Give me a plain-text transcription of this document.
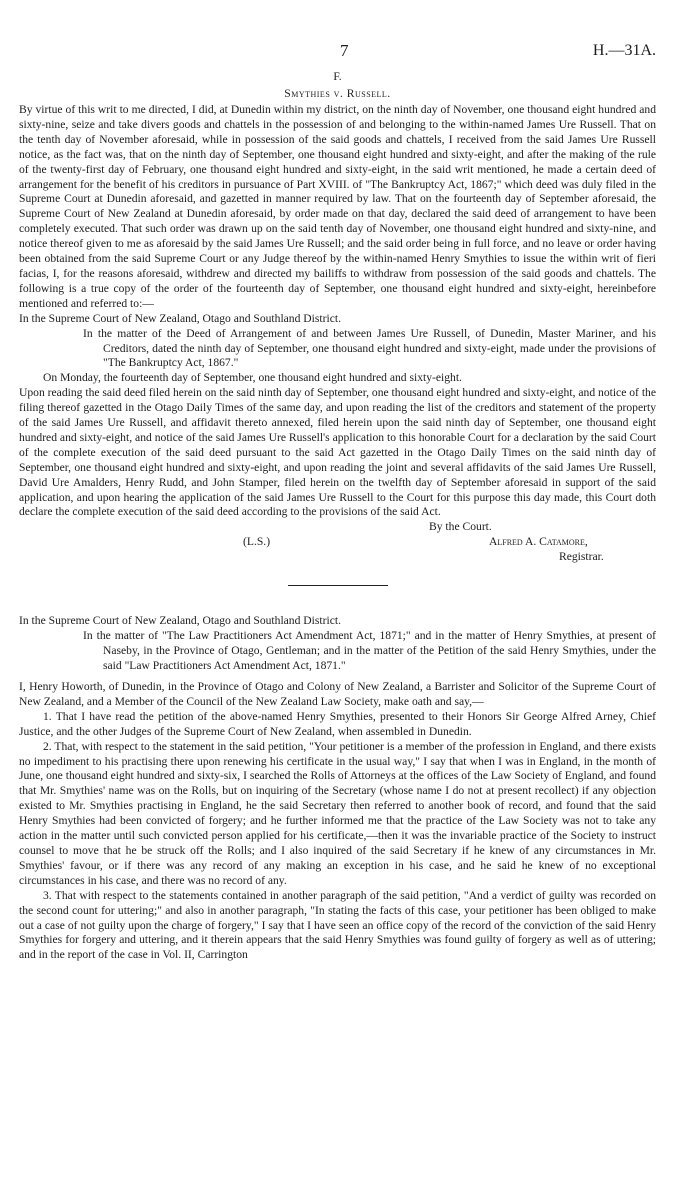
7	H.—31A.
F.
Smythies v. Russell.

By virtue of this writ to me directed, I did, at Dunedin within my district, on the ninth day of November, one thousand eight hundred and sixty-nine, seize and take divers goods and chattels in the possession of and belonging to the within-named James Ure Russell. That on the tenth day of November aforesaid, while in possession of the said goods and chattels, I received from the said James Ure Russell notice, as the fact was, that on the ninth day of September, one thousand eight hundred and sixty-eight, and after the making of the rule of the twenty-first day of February, one thousand eight hundred and sixty-eight, in the said writ mentioned, he made a certain deed of arrangement for the benefit of his creditors in pursuance of Part XVIII. of "The Bankruptcy Act, 1867;" which deed was duly filed in the Supreme Court at Dunedin aforesaid, and gazetted in manner required by law. That on the fourteenth day of September aforesaid, the Supreme Court of New Zealand at Dunedin aforesaid, by order made on that day, declared the said deed of arrangement to have been completely executed. That such order was drawn up on the said tenth day of November, one thousand eight hundred and sixty-nine, and notice thereof given to me as aforesaid by the said James Ure Russell; and the said order being in full force, and no leave or order having been obtained from the said Supreme Court or any Judge thereof by the within-named Henry Smythies to issue the within writ of fieri facias, I, for the reasons aforesaid, withdrew and directed my bailiffs to withdraw from possession of the said goods and chattels. The following is a true copy of the order of the fourteenth day of September, one thousand eight hundred and sixty-eight, hereinbefore mentioned and referred to:—

In the Supreme Court of New Zealand, Otago and Southland District.

In the matter of the Deed of Arrangement of and between James Ure Russell, of Dunedin, Master Mariner, and his Creditors, dated the ninth day of September, one thousand eight hundred and sixty-eight, made under the provisions of "The Bankruptcy Act, 1867."

On Monday, the fourteenth day of September, one thousand eight hundred and sixty-eight.

Upon reading the said deed filed herein on the said ninth day of September, one thousand eight hundred and sixty-eight, and notice of the filing thereof gazetted in the Otago Daily Times of the same day, and upon reading the list of the creditors and statement of the property of the said James Ure Russell, and affidavit thereto annexed, filed herein upon the said ninth day of September, one thousand eight hundred and sixty-eight, and notice of the said James Ure Russell's application to this honorable Court for a declaration by the said Court of the complete execution of the said deed pursuant to the said Act gazetted in the Otago Daily Times on the said ninth day of September, one thousand eight hundred and sixty-eight, and upon reading the joint and several affidavits of the said James Ure Russell, David Ure Amalders, Henry Rudd, and John Stamper, filed herein on the twelfth day of September aforesaid in support of the said application, and upon hearing the application of the said James Ure Russell to the Court for this purpose this day made, this Court doth declare the complete execution of the said deed according to the provisions of the said Act.

By the Court.
(L.S.)	Alfred A. Catamore,
Registrar.

In the Supreme Court of New Zealand, Otago and Southland District.

In the matter of "The Law Practitioners Act Amendment Act, 1871;" and in the matter of Henry Smythies, at present of Naseby, in the Province of Otago, Gentleman; and in the matter of the Petition of the said Henry Smythies, under the said "Law Practitioners Act Amendment Act, 1871."

I, Henry Howorth, of Dunedin, in the Province of Otago and Colony of New Zealand, a Barrister and Solicitor of the Supreme Court of New Zealand, and a Member of the Council of the New Zealand Law Society, make oath and say,—

1. That I have read the petition of the above-named Henry Smythies, presented to their Honors Sir George Alfred Arney, Chief Justice, and the other Judges of the Supreme Court of New Zealand, when assembled in Dunedin.

2. That, with respect to the statement in the said petition, "Your petitioner is a member of the profession in England, and there exists no impediment to his practising there upon renewing his certificate in the usual way," I say that when I was in England, in the month of June, one thousand eight hundred and sixty-six, I searched the Rolls of Attorneys at the offices of the Law Society of England, and found that Mr. Smythies' name was on the Rolls, but on inquiring of the Secretary (whose name I do not at present recollect) if any objection existed to Mr. Smythies practising in England, he the said Secretary then referred to another book of record, and found that the said Henry Smythies had been convicted of forgery; and he further informed me that the practice of the Law Society was not to take any action in the matter until such convicted person applied for his certificate,—then it was the invariable practice of the Society to instruct counsel to move that he be struck off the Rolls; and I also inquired of the said Secretary if he knew of any circumstances in Mr. Smythies' favour, or if there was any record of any making an exception in his case, and he said he knew of no exceptional circumstances in his case, and there was no record of any.

3. That with respect to the statements contained in another paragraph of the said petition, "And a verdict of guilty was recorded on the second count for uttering;" and also in another paragraph, "In stating the facts of this case, your petitioner has been obliged to make out a case of not guilty upon the charge of forgery," I say that I have seen an office copy of the record of the conviction of the said Henry Smythies for forgery and uttering, and it therein appears that the said Henry Smythies was found guilty of forgery as well as of uttering; and in the report of the case in Vol. II, Carrington
